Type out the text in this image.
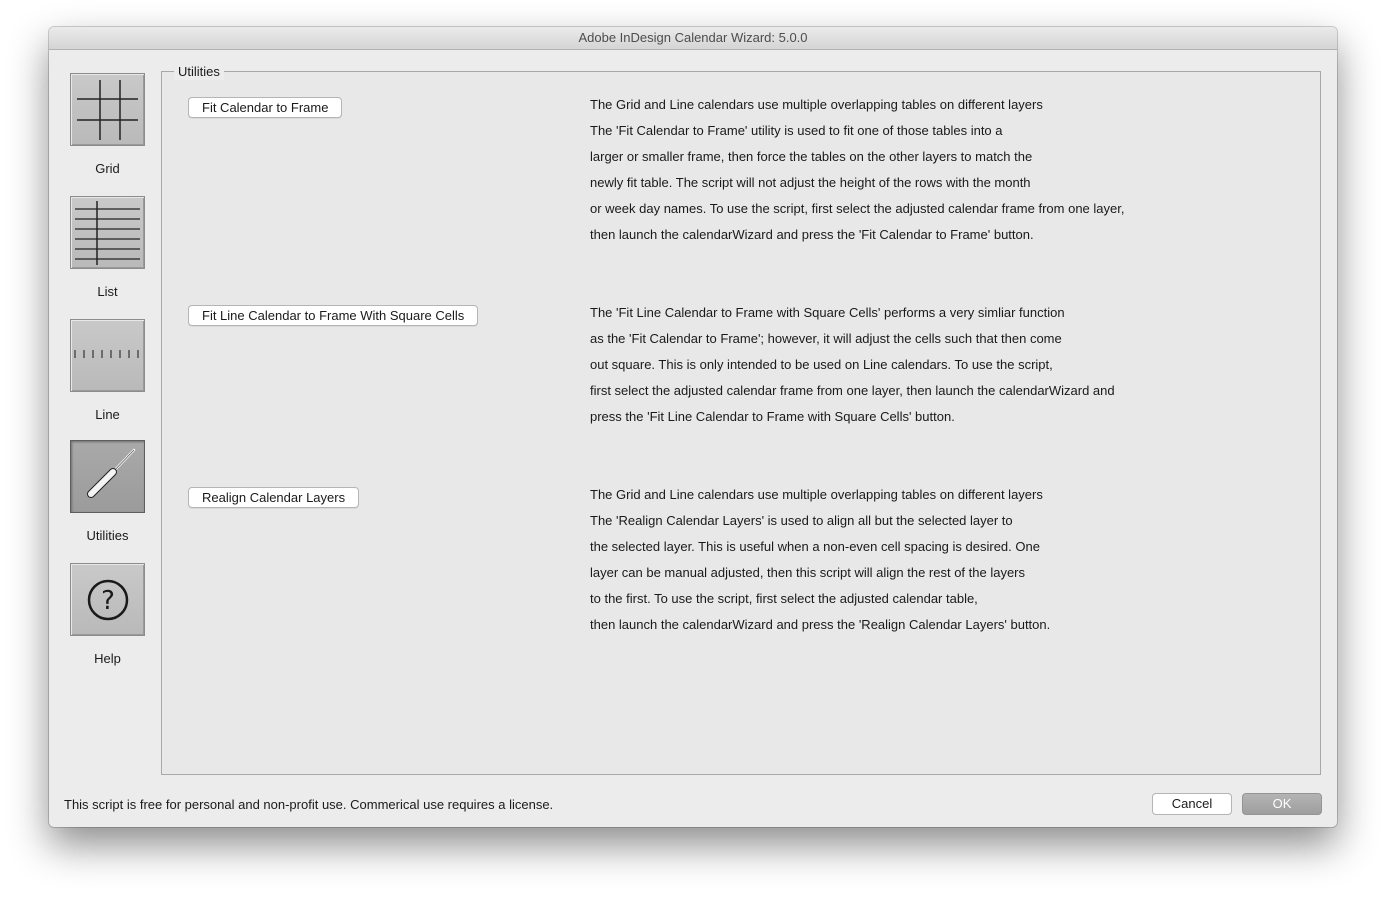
Adobe InDesign Calendar Wizard: 5.0.0
Grid
List
Line
Utilities
?
Help
Utilities
Fit Calendar to Frame	The Grid and Line calendars use multiple overlapping tables on different layers
The 'Fit Calendar to Frame' utility is used to fit one of those tables into a
larger or smaller frame, then force the tables on the other layers to match the
newly fit table. The script will not adjust the height of the rows with the month
or week day names. To use the script, first select the adjusted calendar frame from one layer,
then launch the calendarWizard and press the 'Fit Calendar to Frame' button.
Fit Line Calendar to Frame With Square Cells	The 'Fit Line Calendar to Frame with Square Cells' performs a very simliar function
as the 'Fit Calendar to Frame'; however, it will adjust the cells such that then come
out square. This is only intended to be used on Line calendars. To use the script,
first select the adjusted calendar frame from one layer, then launch the calendarWizard and
press the 'Fit Line Calendar to Frame with Square Cells' button.
Realign Calendar Layers	The Grid and Line calendars use multiple overlapping tables on different layers
The 'Realign Calendar Layers' is used to align all but the selected layer to
the selected layer. This is useful when a non-even cell spacing is desired. One
layer can be manual adjusted, then this script will align the rest of the layers
to the first. To use the script, first select the adjusted calendar table,
then launch the calendarWizard and press the 'Realign Calendar Layers' button.
This script is free for personal and non-profit use. Commerical use requires a license.	Cancel	OK
